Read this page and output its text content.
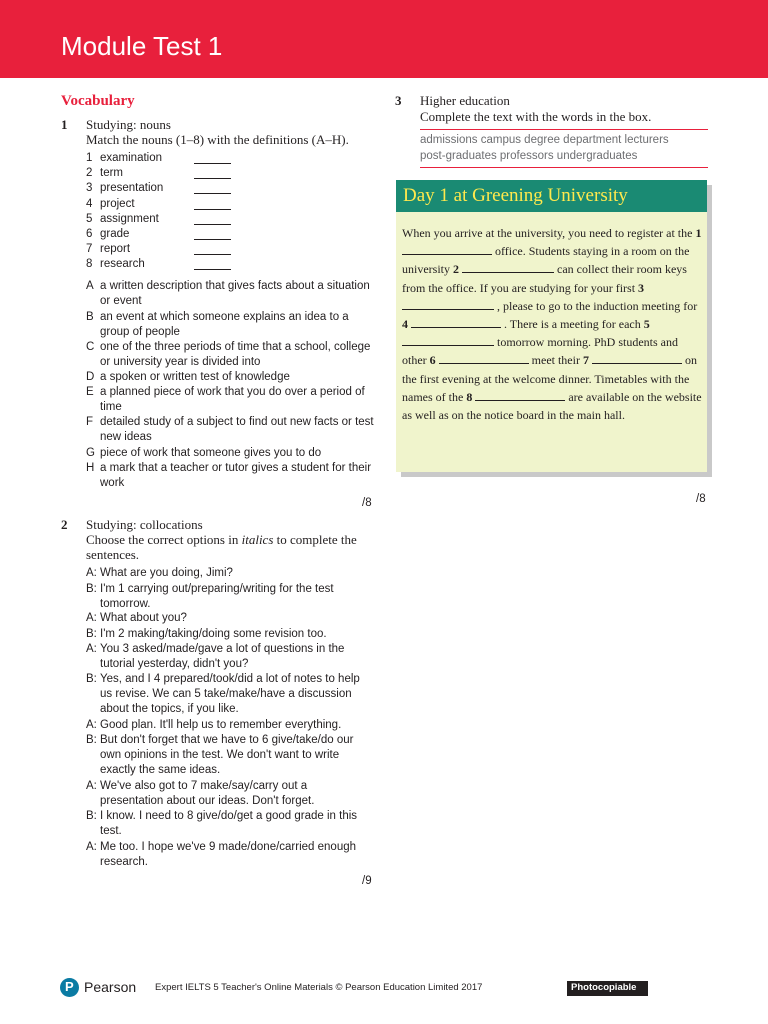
Module Test 1
Vocabulary
1 Studying: nouns
Match the nouns (1–8) with the definitions (A–H).
1 examination
2 term
3 presentation
4 project
5 assignment
6 grade
7 report
8 research
A a written description that gives facts about a situation or event
B an event at which someone explains an idea to a group of people
C one of the three periods of time that a school, college or university year is divided into
D a spoken or written test of knowledge
E a planned piece of work that you do over a period of time
F detailed study of a subject to find out new facts or test new ideas
G piece of work that someone gives you to do
H a mark that a teacher or tutor gives a student for their work
/8
2 Studying: collocations
Choose the correct options in italics to complete the sentences.
A: What are you doing, Jimi?
B: I'm 1 carrying out/preparing/writing for the test tomorrow.
A: What about you?
B: I'm 2 making/taking/doing some revision too.
A: You 3 asked/made/gave a lot of questions in the tutorial yesterday, didn't you?
B: Yes, and I 4 prepared/took/did a lot of notes to help us revise. We can 5 take/make/have a discussion about the topics, if you like.
A: Good plan. It'll help us to remember everything.
B: But don't forget that we have to 6 give/take/do our own opinions in the test. We don't want to write exactly the same ideas.
A: We've also got to 7 make/say/carry out a presentation about our ideas. Don't forget.
B: I know. I need to 8 give/do/get a good grade in this test.
A: Me too. I hope we've 9 made/done/carried enough research.
/9
3 Higher education
Complete the text with the words in the box.
admissions campus degree department lecturers
post-graduates professors undergraduates
Day 1 at Greening University
When you arrive at the university, you need to register at the 1  office. Students staying in a room on the university 2	can collect their room keys from the office. If you are studying for your first 3  , please to go to the induction meeting for 4	. There is a meeting for each 5  tomorrow morning. PhD students and other 6	meet their 7	on the first evening at the welcome dinner. Timetables with the names of the 8	are available on the website as well as on the notice board in the main hall.
/8
P Pearson Expert IELTS 5 Teacher's Online Materials © Pearson Education Limited 2017	Photocopiable
